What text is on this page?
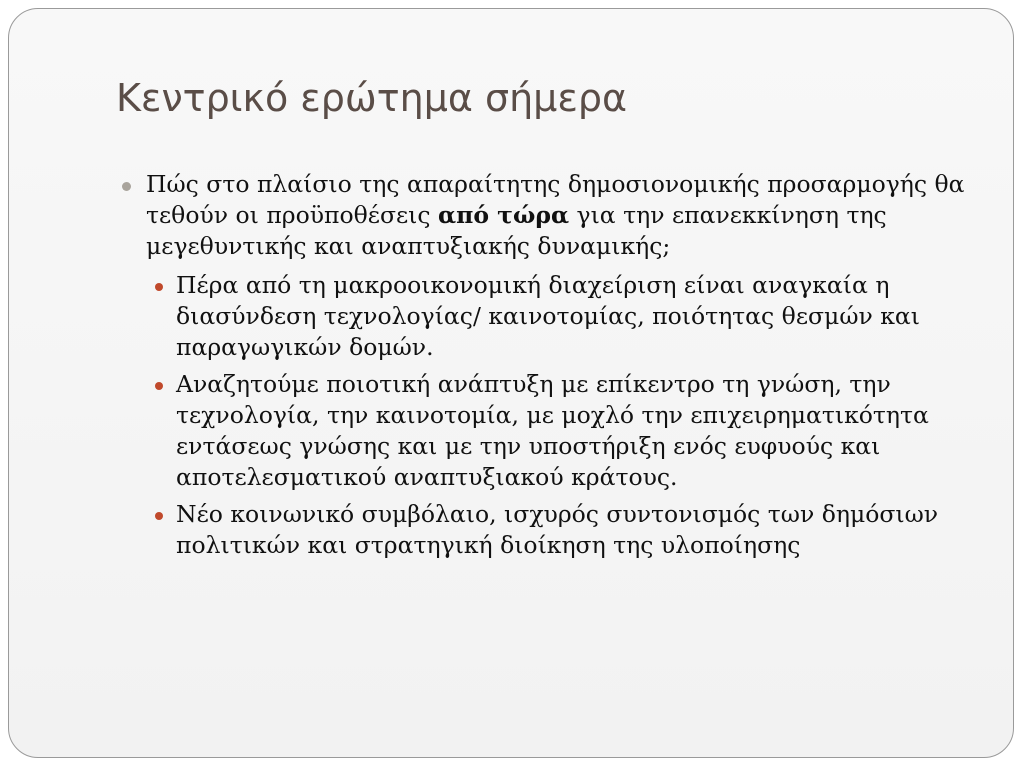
Κεντρικό ερώτημα σήμερα

Πώς στο πλαίσιο της απαραίτητης δημοσιονομικής προσαρμογής θα τεθούν οι προϋποθέσεις από τώρα για την επανεκκίνηση της μεγεθυντικής και αναπτυξιακής δυναμικής;

Πέρα από τη μακροοικονομική διαχείριση είναι αναγκαία η διασύνδεση τεχνολογίας/ καινοτομίας, ποιότητας θεσμών και παραγωγικών δομών.

Αναζητούμε ποιοτική ανάπτυξη με επίκεντρο τη γνώση, την τεχνολογία, την καινοτομία, με μοχλό την επιχειρηματικότητα εντάσεως γνώσης και με την υποστήριξη ενός ευφυούς και αποτελεσματικού αναπτυξιακού κράτους.

Νέο κοινωνικό συμβόλαιο, ισχυρός συντονισμός των δημόσιων πολιτικών και στρατηγική διοίκηση της υλοποίησης
